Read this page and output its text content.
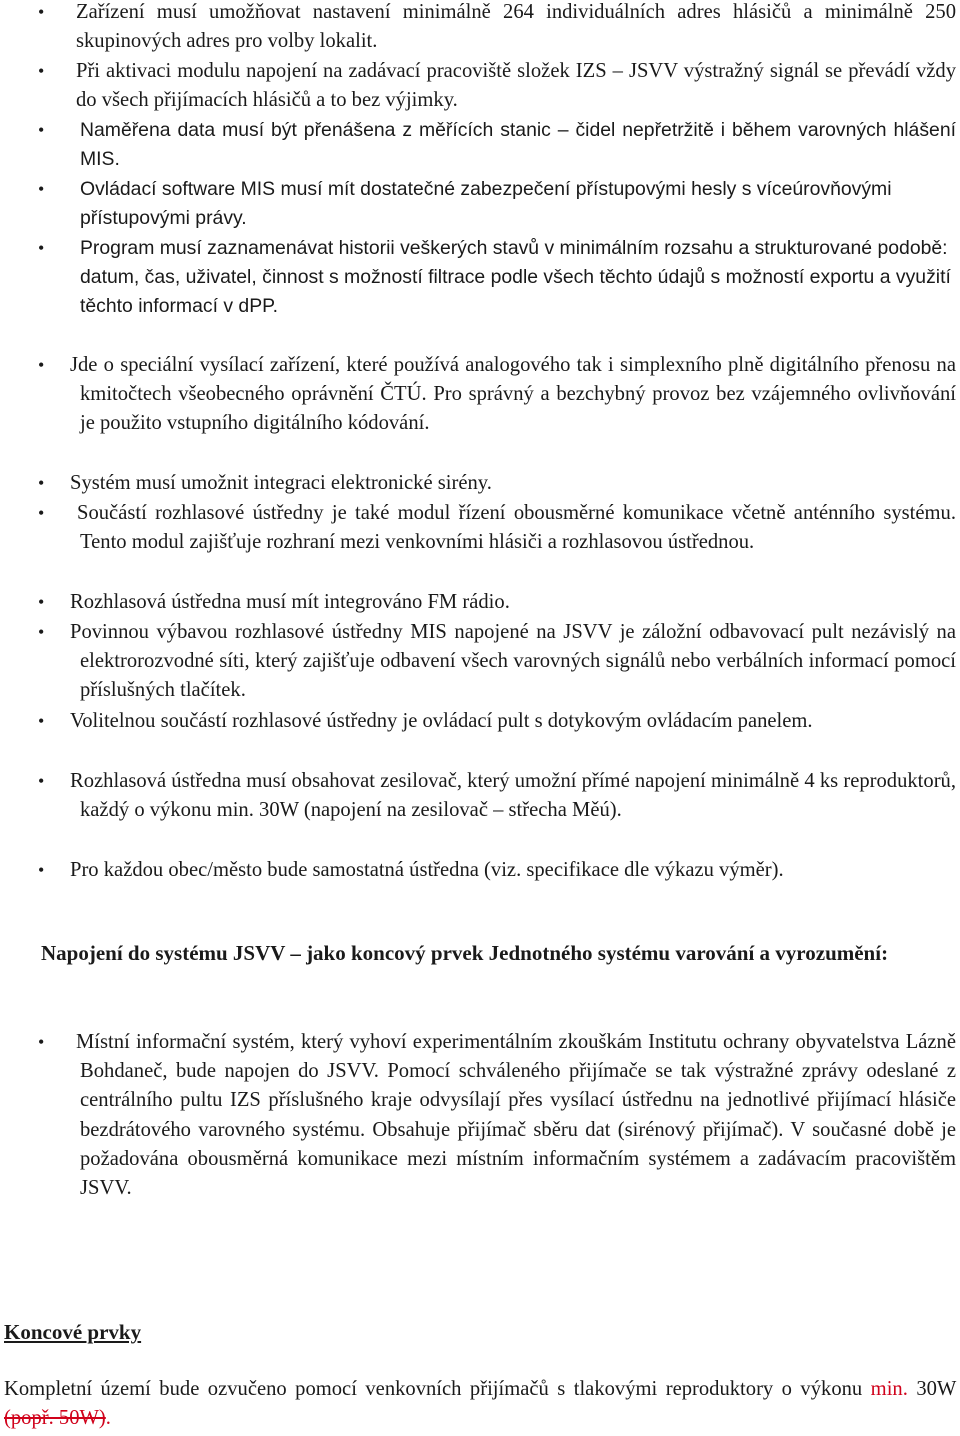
• Zařízení musí umožňovat nastavení minimálně 264 individuálních adres hlásičů a minimálně 250 skupinových adres pro volby lokalit.
• Při aktivaci modulu napojení na zadávací pracoviště složek IZS – JSVV výstražný signál se převádí vždy do všech přijímacích hlásičů a to bez výjimky.
• Naměřena data musí být přenášena z měřících stanic – čidel nepřetržitě i během varovných hlášení MIS.
• Ovládací software MIS musí mít dostatečné zabezpečení přístupovými hesly s víceúrovňovými přístupovými právy.
• Program musí zaznamenávat historii veškerých stavů v minimálním rozsahu a strukturované podobě: datum, čas, uživatel, činnost s možností filtrace podle všech těchto údajů s možností exportu a využití těchto informací v dPP.
• Jde o speciální vysílací zařízení, které používá analogového tak i simplexního plně digitálního přenosu na kmitočtech všeobecného oprávnění ČTÚ. Pro správný a bezchybný provoz bez vzájemného ovlivňování je použito vstupního digitálního kódování.
• Systém musí umožnit integraci elektronické sirény.
• Součástí rozhlasové ústředny je také modul řízení obousměrné komunikace včetně anténního systému. Tento modul zajišťuje rozhraní mezi venkovními hlásiči a rozhlasovou ústřednou.
• Rozhlasová ústředna musí mít integrováno FM rádio.
• Povinnou výbavou rozhlasové ústředny MIS napojené na JSVV je záložní odbavovací pult nezávislý na elektrorozvodné síti, který zajišťuje odbavení všech varovných signálů nebo verbálních informací pomocí příslušných tlačítek.
• Volitelnou součástí rozhlasové ústředny je ovládací pult s dotykovým ovládacím panelem.
• Rozhlasová ústředna musí obsahovat zesilovač, který umožní přímé napojení minimálně 4 ks reproduktorů, každý o výkonu min. 30W (napojení na zesilovač – střecha Měú).
• Pro každou obec/město bude samostatná ústředna (viz. specifikace dle výkazu výměr).

Napojení do systému JSVV – jako koncový prvek Jednotného systému varování a vyrozumění:

• Místní informační systém, který vyhoví experimentálním zkouškám Institutu ochrany obyvatelstva Lázně Bohdaneč, bude napojen do JSVV. Pomocí schváleného přijímače se tak výstražné zprávy odeslané z centrálního pultu IZS příslušného kraje odvysílají přes vysílací ústřednu na jednotlivé přijímací hlásiče bezdrátového varovného systému. Obsahuje přijímač sběru dat (sirénový přijímač). V současné době je požadována obousměrná komunikace mezi místním informačním systémem a zadávacím pracovištěm JSVV.

Koncové prvky

Kompletní území bude ozvučeno pomocí venkovních přijímačů s tlakovými reproduktory o výkonu min. 30W (popř. 50W).
